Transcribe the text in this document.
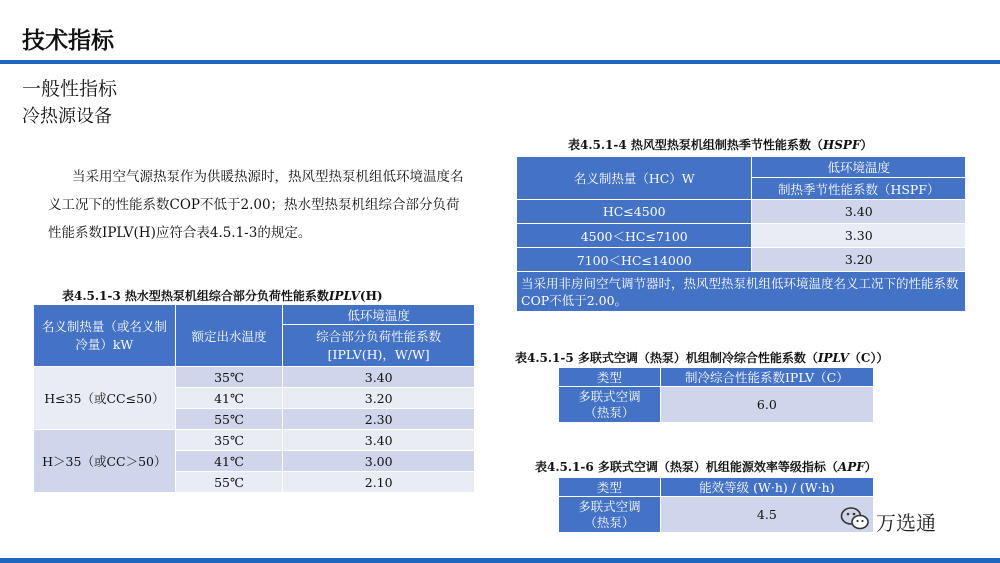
技术指标
一般性指标
冷热源设备
当采用空气源热泵作为供暖热源时，热风型热泵机组低环境温度名义工况下的性能系数COP不低于2.00；热水型热泵机组综合部分负荷性能系数IPLV(H)应符合表4.5.1-3的规定。
表4.5.1-3 热水型热泵机组综合部分负荷性能系数IPLV(H)
名义制热量（或名义制冷量）kW	额定出水温度	低环境温度
		综合部分负荷性能系数[IPLV(H)，W/W]
H≤35（或CC≤50）	35℃	3.40
	41℃	3.20
	55℃	2.30
H＞35（或CC＞50）	35℃	3.40
	41℃	3.00
	55℃	2.10
表4.5.1-4 热风型热泵机组制热季节性能系数（HSPF）
名义制热量（HC）W	低环境温度
	制热季节性能系数（HSPF）
HC≤4500	3.40
4500＜HC≤7100	3.30
7100＜HC≤14000	3.20
当采用非房间空气调节器时，热风型热泵机组低环境温度名义工况下的性能系数COP不低于2.00。	
表4.5.1-5 多联式空调（热泵）机组制冷综合性能系数（IPLV（C））
类型	制冷综合性能系数IPLV（C）
多联式空调（热泵）	6.0
表4.5.1-6 多联式空调（热泵）机组能源效率等级指标（APF）
类型	能效等级 (W·h) / (W·h)
多联式空调（热泵）	4.5	万选通
